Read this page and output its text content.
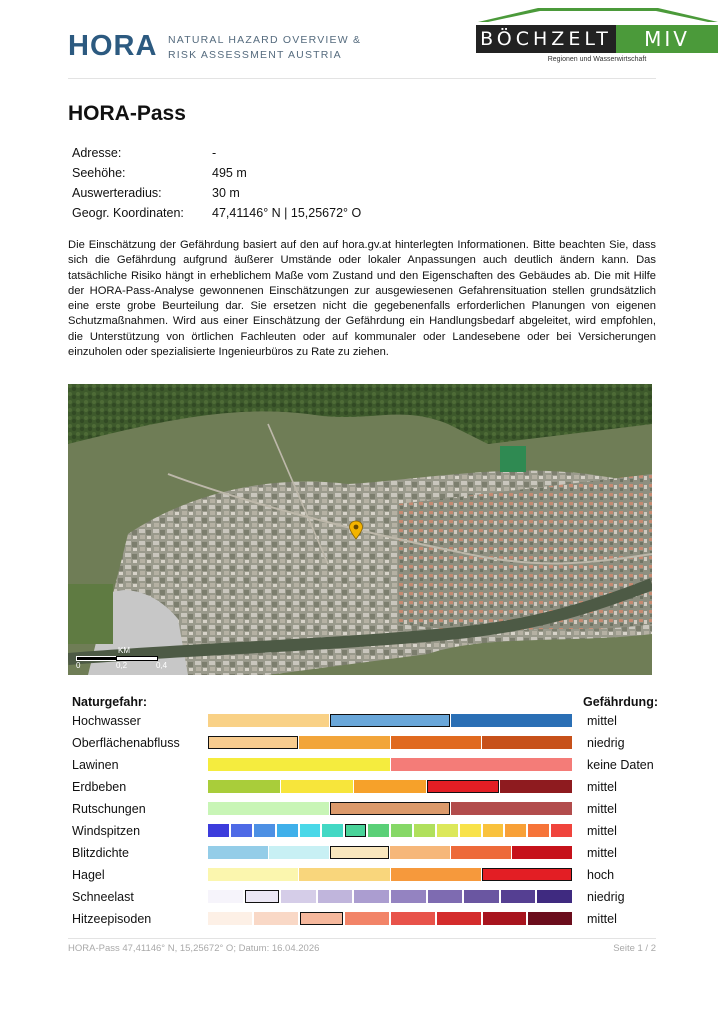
HORA NATURAL HAZARD OVERVIEW &
RISK ASSESSMENT AUSTRIA
BÖCHZELT	MIV
Regionen und Wasserwirtschaft
HORA-Pass
Adresse:	-
Seehöhe:	495 m
Auswerteradius:	30 m
Geogr. Koordinaten: 47,41146° N | 15,25672° O
Die Einschätzung der Gefährdung basiert auf den auf hora.gv.at hinterlegten Informationen. Bitte beachten Sie, dass sich die Gefährdung aufgrund äußerer Umstände oder lokaler Anpassungen auch deutlich ändern kann. Das tatsächliche Risiko hängt in erheblichem Maße vom Zustand und den Eigenschaften des Gebäudes ab. Die mit Hilfe der HORA-Pass-Analyse gewonnenen Einschätzungen zur ausgewiesenen Gefahrensituation stellen grundsätzlich eine erste grobe Beurteilung dar. Sie ersetzen nicht die gegebenenfalls erforderlichen Planungen von eigenen Schutzmaßnahmen. Wird aus einer Einschätzung der Gefährdung ein Handlungsbedarf abgeleitet, wird empfohlen, die Unterstützung von örtlichen Fachleuten oder auf kommunaler oder Landesebene oder bei Versicherungen einzuholen oder spezialisierte Ingenieurbüros zu Rate zu ziehen.
KM
0	0,2	0,4
Naturgefahr:	Gefährdung:
Hochwasser	mittel
Oberflächenabfluss	niedrig
Lawinen	keine Daten
Erdbeben	mittel
Rutschungen	mittel
Windspitzen	mittel
Blitzdichte	mittel
Hagel	hoch
Schneelast	niedrig
Hitzeepisoden	mittel
HORA-Pass 47,41146° N, 15,25672° O; Datum: 16.04.2026	Seite 1 / 2
